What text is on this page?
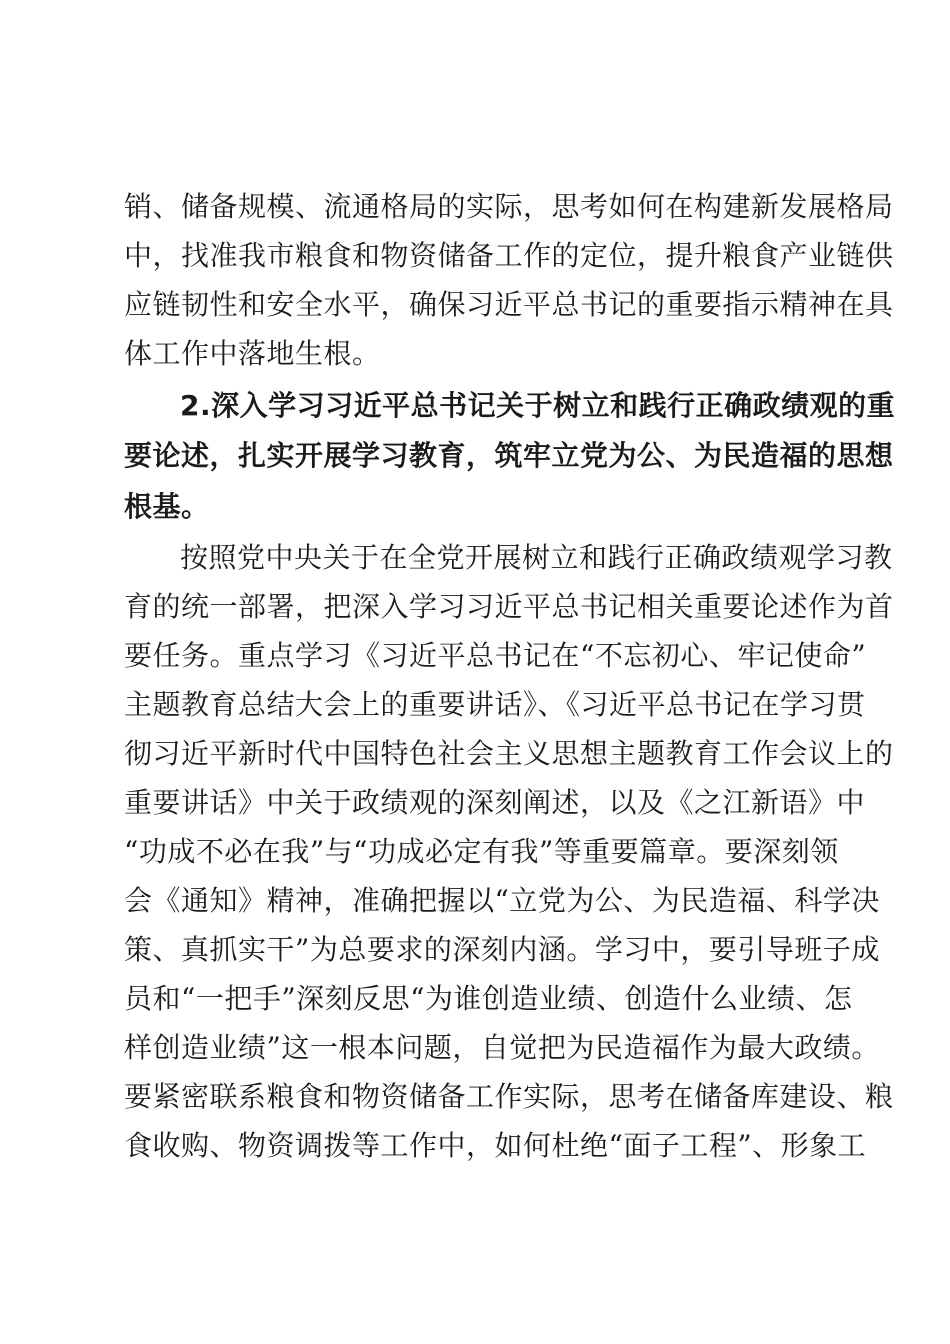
销、储备规模、流通格局的实际，思考如何在构建新发展格局
中，找准我市粮食和物资储备工作的定位，提升粮食产业链供
应链韧性和安全水平，确保习近平总书记的重要指示精神在具
体工作中落地生根。
2.深入学习习近平总书记关于树立和践行正确政绩观的重
要论述，扎实开展学习教育，筑牢立党为公、为民造福的思想
根基。
按照党中央关于在全党开展树立和践行正确政绩观学习教
育的统一部署，把深入学习习近平总书记相关重要论述作为首
要任务。重点学习《习近平总书记在“不忘初心、牢记使命”
主题教育总结大会上的重要讲话》、《习近平总书记在学习贯
彻习近平新时代中国特色社会主义思想主题教育工作会议上的
重要讲话》中关于政绩观的深刻阐述，以及《之江新语》中
“功成不必在我”与“功成必定有我”等重要篇章。要深刻领
会《通知》精神，准确把握以“立党为公、为民造福、科学决
策、真抓实干”为总要求的深刻内涵。学习中，要引导班子成
员和“一把手”深刻反思“为谁创造业绩、创造什么业绩、怎
样创造业绩”这一根本问题，自觉把为民造福作为最大政绩。
要紧密联系粮食和物资储备工作实际，思考在储备库建设、粮
食收购、物资调拨等工作中，如何杜绝“面子工程”、形象工
